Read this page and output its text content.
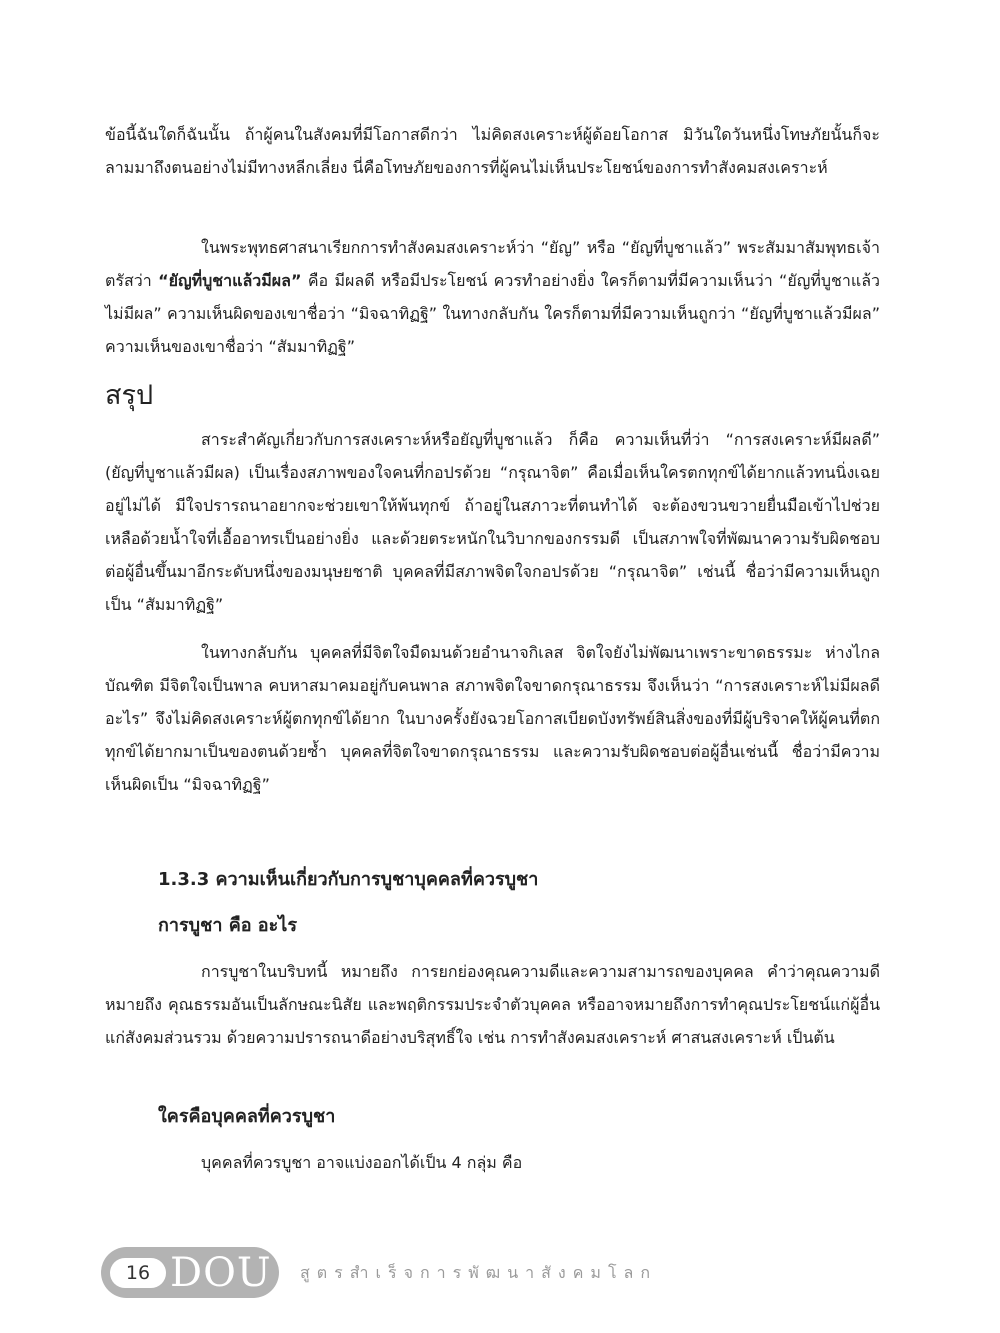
ข้อนี้ฉันใดก็ฉันนั้น ถ้าผู้คนในสังคมที่มีโอกาสดีกว่า ไม่คิดสงเคราะห์ผู้ด้อยโอกาส มิวันใดวันหนึ่งโทษภัยนั้นก็จะลามมาถึงตนอย่างไม่มีทางหลีกเลี่ยง นี่คือโทษภัยของการที่ผู้คนไม่เห็นประโยชน์ของการทำสังคมสงเคราะห์

ในพระพุทธศาสนาเรียกการทำสังคมสงเคราะห์ว่า “ยัญ” หรือ “ยัญที่บูชาแล้ว” พระสัมมาสัมพุทธเจ้าตรัสว่า “ยัญที่บูชาแล้วมีผล” คือ มีผลดี หรือมีประโยชน์ ควรทำอย่างยิ่ง ใครก็ตามที่มีความเห็นว่า “ยัญที่บูชาแล้วไม่มีผล” ความเห็นผิดของเขาชื่อว่า “มิจฉาทิฏฐิ” ในทางกลับกัน ใครก็ตามที่มีความเห็นถูกว่า “ยัญที่บูชาแล้วมีผล” ความเห็นของเขาชื่อว่า “สัมมาทิฏฐิ”

สรุป

สาระสำคัญเกี่ยวกับการสงเคราะห์หรือยัญที่บูชาแล้ว ก็คือ ความเห็นที่ว่า “การสงเคราะห์มีผลดี” (ยัญที่บูชาแล้วมีผล) เป็นเรื่องสภาพของใจคนที่กอปรด้วย “กรุณาจิต” คือเมื่อเห็นใครตกทุกข์ได้ยากแล้วทนนิ่งเฉยอยู่ไม่ได้ มีใจปรารถนาอยากจะช่วยเขาให้พ้นทุกข์ ถ้าอยู่ในสภาวะที่ตนทำได้ จะต้องขวนขวายยื่นมือเข้าไปช่วยเหลือด้วยน้ำใจที่เอื้ออาทรเป็นอย่างยิ่ง และด้วยตระหนักในวิบากของกรรมดี เป็นสภาพใจที่พัฒนาความรับผิดชอบต่อผู้อื่นขึ้นมาอีกระดับหนึ่งของมนุษยชาติ บุคคลที่มีสภาพจิตใจกอปรด้วย “กรุณาจิต” เช่นนี้ ชื่อว่ามีความเห็นถูก เป็น “สัมมาทิฏฐิ”

ในทางกลับกัน บุคคลที่มีจิตใจมืดมนด้วยอำนาจกิเลส จิตใจยังไม่พัฒนาเพราะขาดธรรมะ ห่างไกลบัณฑิต มีจิตใจเป็นพาล คบหาสมาคมอยู่กับคนพาล สภาพจิตใจขาดกรุณาธรรม จึงเห็นว่า “การสงเคราะห์ไม่มีผลดีอะไร” จึงไม่คิดสงเคราะห์ผู้ตกทุกข์ได้ยาก ในบางครั้งยังฉวยโอกาสเบียดบังทรัพย์สินสิ่งของที่มีผู้บริจาคให้ผู้คนที่ตกทุกข์ได้ยากมาเป็นของตนด้วยซ้ำ บุคคลที่จิตใจขาดกรุณาธรรม และความรับผิดชอบต่อผู้อื่นเช่นนี้ ชื่อว่ามีความเห็นผิดเป็น “มิจฉาทิฏฐิ”

1.3.3 ความเห็นเกี่ยวกับการบูชาบุคคลที่ควรบูชา
การบูชา คือ อะไร

การบูชาในบริบทนี้ หมายถึง การยกย่องคุณความดีและความสามารถของบุคคล คำว่าคุณความดี หมายถึง คุณธรรมอันเป็นลักษณะนิสัย และพฤติกรรมประจำตัวบุคคล หรืออาจหมายถึงการทำคุณประโยชน์แก่ผู้อื่น แก่สังคมส่วนรวม ด้วยความปรารถนาดีอย่างบริสุทธิ์ใจ เช่น การทำสังคมสงเคราะห์ ศาสนสงเคราะห์ เป็นต้น

ใครคือบุคคลที่ควรบูชา

บุคคลที่ควรบูชา อาจแบ่งออกได้เป็น 4 กลุ่ม คือ

16 DOU สูตรสำเร็จการพัฒนาสังคมโลก
